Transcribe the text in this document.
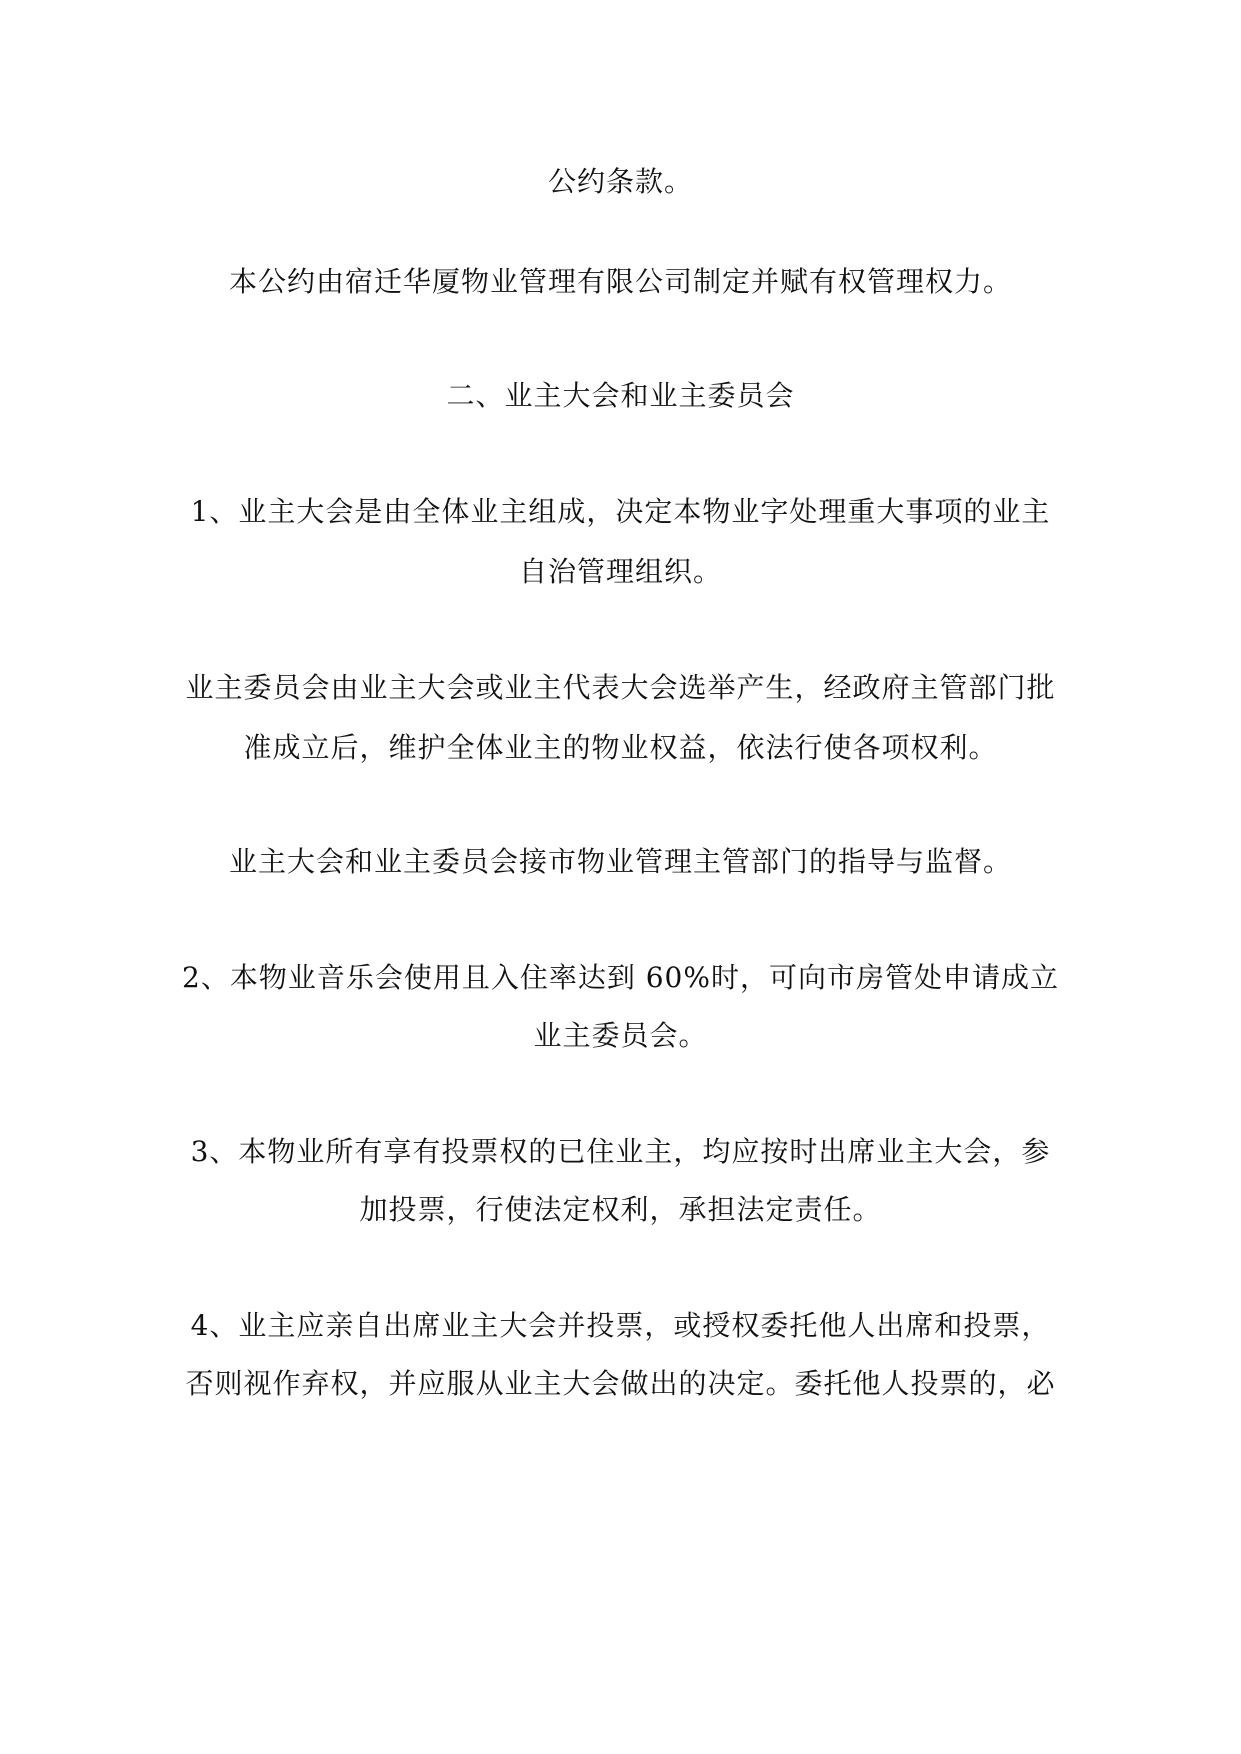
公约条款。
本公约由宿迁华厦物业管理有限公司制定并赋有权管理权力。
二、业主大会和业主委员会
1、业主大会是由全体业主组成，决定本物业字处理重大事项的业主
自治管理组织。
业主委员会由业主大会或业主代表大会选举产生，经政府主管部门批
准成立后，维护全体业主的物业权益，依法行使各项权利。
业主大会和业主委员会接市物业管理主管部门的指导与监督。
2、本物业音乐会使用且入住率达到 60%时，可向市房管处申请成立
业主委员会。
3、本物业所有享有投票权的已住业主，均应按时出席业主大会，参
加投票，行使法定权利，承担法定责任。
4、业主应亲自出席业主大会并投票，或授权委托他人出席和投票，
否则视作弃权，并应服从业主大会做出的决定。委托他人投票的，必
